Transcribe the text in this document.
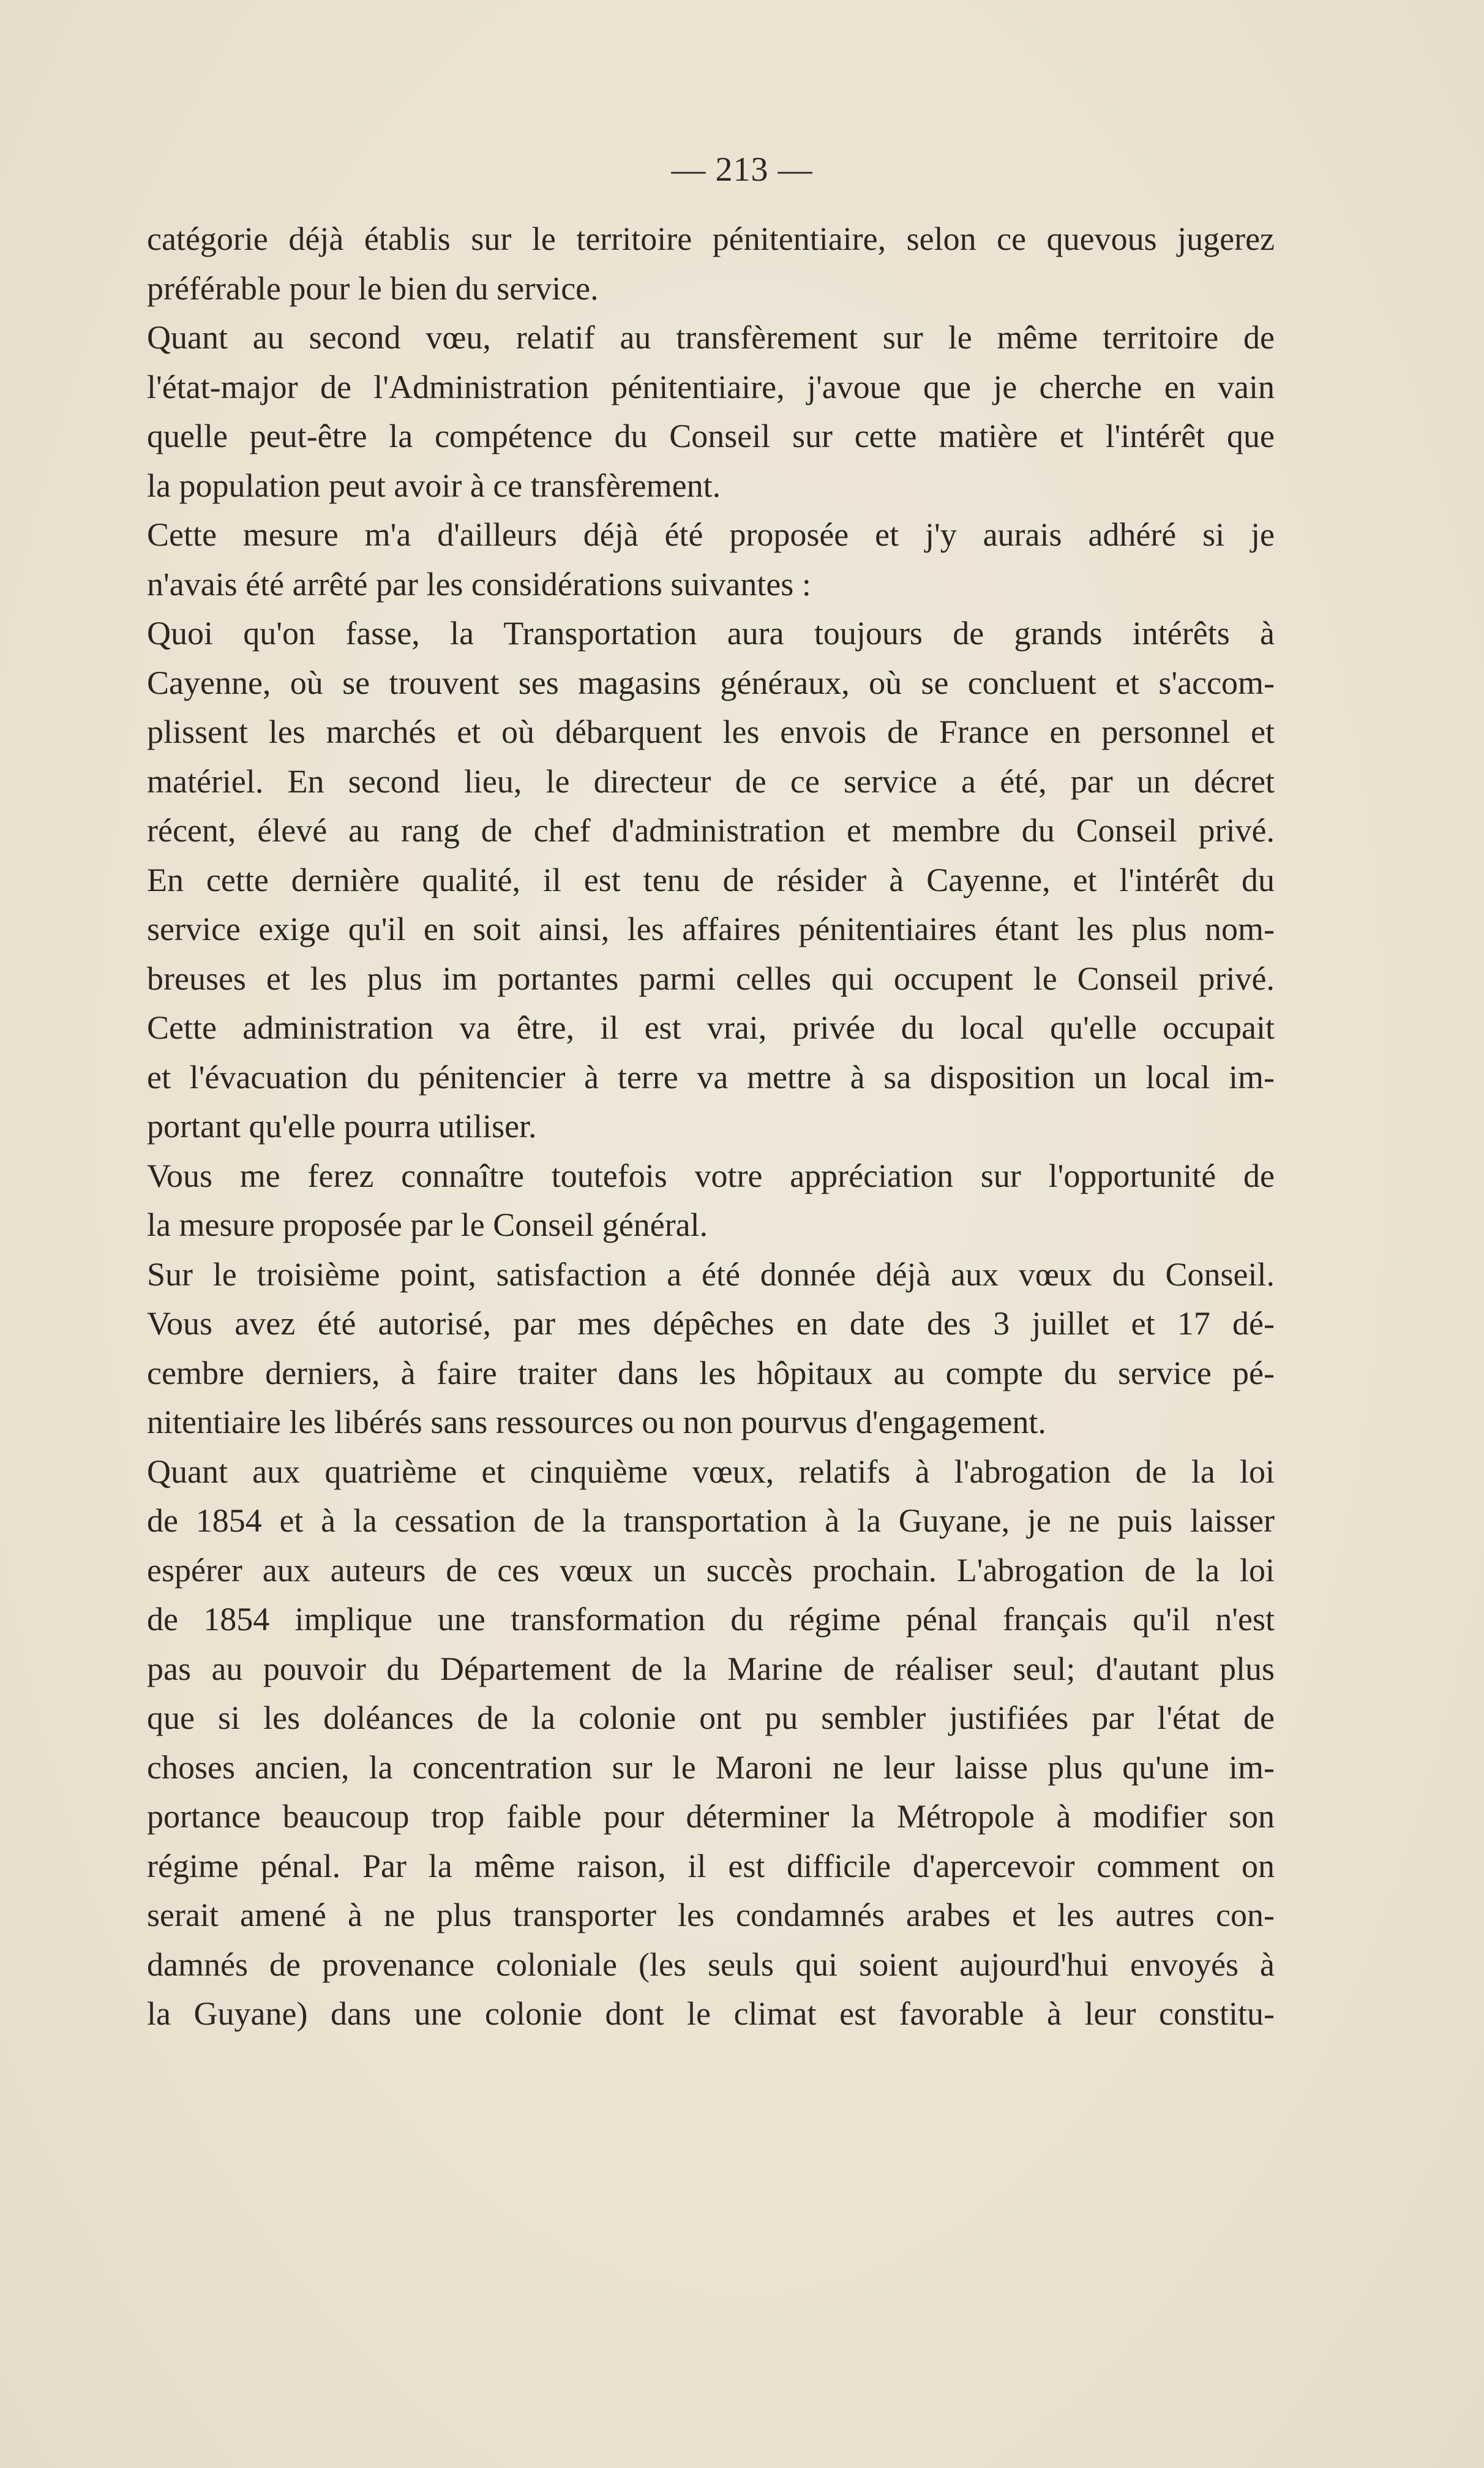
— 213 —
catégorie déjà établis sur le territoire pénitentiaire, selon ce quevous jugerez
préférable pour le bien du service.
Quant au second vœu, relatif au transfèrement sur le même territoire de
l'état-major de l'Administration pénitentiaire, j'avoue que je cherche en vain
quelle peut-être la compétence du Conseil sur cette matière et l'intérêt que
la population peut avoir à ce transfèrement.
Cette mesure m'a d'ailleurs déjà été proposée et j'y aurais adhéré si je
n'avais été arrêté par les considérations suivantes :
Quoi qu'on fasse, la Transportation aura toujours de grands intérêts à
Cayenne, où se trouvent ses magasins généraux, où se concluent et s'accom-
plissent les marchés et où débarquent les envois de France en personnel et
matériel. En second lieu, le directeur de ce service a été, par un décret
récent, élevé au rang de chef d'administration et membre du Conseil privé.
En cette dernière qualité, il est tenu de résider à Cayenne, et l'intérêt du
service exige qu'il en soit ainsi, les affaires pénitentiaires étant les plus nom-
breuses et les plus im portantes parmi celles qui occupent le Conseil privé.
Cette administration va être, il est vrai, privée du local qu'elle occupait
et l'évacuation du pénitencier à terre va mettre à sa disposition un local im-
portant qu'elle pourra utiliser.
Vous me ferez connaître toutefois votre appréciation sur l'opportunité de
la mesure proposée par le Conseil général.
Sur le troisième point, satisfaction a été donnée déjà aux vœux du Conseil.
Vous avez été autorisé, par mes dépêches en date des 3 juillet et 17 dé-
cembre derniers, à faire traiter dans les hôpitaux au compte du service pé-
nitentiaire les libérés sans ressources ou non pourvus d'engagement.
Quant aux quatrième et cinquième vœux, relatifs à l'abrogation de la loi
de 1854 et à la cessation de la transportation à la Guyane, je ne puis laisser
espérer aux auteurs de ces vœux un succès prochain. L'abrogation de la loi
de 1854 implique une transformation du régime pénal français qu'il n'est
pas au pouvoir du Département de la Marine de réaliser seul; d'autant plus
que si les doléances de la colonie ont pu sembler justifiées par l'état de
choses ancien, la concentration sur le Maroni ne leur laisse plus qu'une im-
portance beaucoup trop faible pour déterminer la Métropole à modifier son
régime pénal. Par la même raison, il est difficile d'apercevoir comment on
serait amené à ne plus transporter les condamnés arabes et les autres con-
damnés de provenance coloniale (les seuls qui soient aujourd'hui envoyés à
la Guyane) dans une colonie dont le climat est favorable à leur constitu-
